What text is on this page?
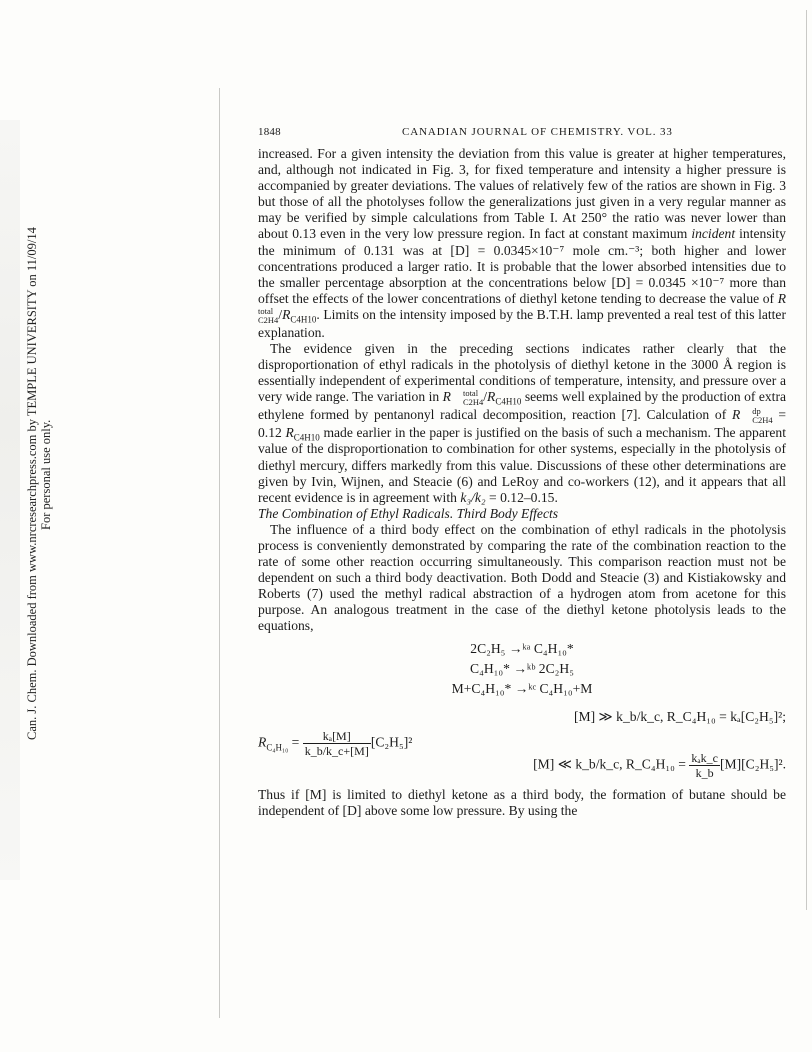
Can. J. Chem. Downloaded from www.nrcresearchpress.com by TEMPLE UNIVERSITY on 11/09/14 For personal use only.
1848	CANADIAN JOURNAL OF CHEMISTRY. VOL. 33

increased. For a given intensity the deviation from this value is greater at higher temperatures, and, although not indicated in Fig. 3, for fixed temperature and intensity a higher pressure is accompanied by greater deviations. The values of relatively few of the ratios are shown in Fig. 3 but those of all the photolyses follow the generalizations just given in a very regular manner as may be verified by simple calculations from Table I. At 250° the ratio was never lower than about 0.13 even in the very low pressure region. In fact at constant maximum incident intensity the minimum of 0.131 was at [D] = 0.0345×10⁻⁷ mole cm.⁻³; both higher and lower concentrations produced a larger ratio. It is probable that the lower absorbed intensities due to the smaller percentage absorption at the concentrations below [D] = 0.0345 ×10⁻⁷ more than offset the effects of the lower concentrations of diethyl ketone tending to decrease the value of R
total
C2H4 $/R_{C4H10}$. Limits on the intensity imposed by the B.T.H. lamp prevented a real test of this latter explanation.

The evidence given in the preceding sections indicates rather clearly that the disproportionation of ethyl radicals in the photolysis of diethyl ketone in the 3000 Å region is essentially independent of experimental conditions of temperature, intensity, and pressure over a very wide range. The variation in R	total
C2H4 $/R_{C4H10}$ seems well explained by the production of extra ethylene formed by pentanonyl radical decomposition, reaction [7]. Calculation of R	dp
C2H4 = 0.12 $R_{C4H10}$ made earlier in the paper is justified on the basis of such a mechanism. The apparent value of the disproportionation to combination for other systems, especially in the photolysis of diethyl mercury, differs markedly from this value. Discussions of these other determinations are given by Ivin, Wijnen, and Steacie (6) and LeRoy and co-workers (12), and it appears that all recent evidence is in agreement with k₃/k₂ = 0.12–0.15.

The Combination of Ethyl Radicals. Third Body Effects

The influence of a third body effect on the combination of ethyl radicals in the photolysis process is conveniently demonstrated by comparing the rate of the combination reaction to the rate of some other reaction occurring simultaneously. This comparison reaction must not be dependent on such a third body deactivation. Both Dodd and Steacie (3) and Kistiakowsky and Roberts (7) used the methyl radical abstraction of a hydrogen atom from acetone for this purpose. An analogous treatment in the case of the diethyl ketone photolysis leads to the equations,

2C₂H₅ →ᵏᵃ C₄H₁₀*
C₄H₁₀* →ᵏᵇ 2C₂H₅
M+C₄H₁₀* →ᵏᶜ C₄H₁₀+M
$R_{C_4H_{10}} = \frac{\text{kₐ[M]}}{k\_b/k\_c+[M]} [C_2H_5]^2$
[M] ≫ k_b/k_c, R_C₄H₁₀ = kₐ[C₂H₅]²;
[M] ≪ k_b/k_c, R_C₄H₁₀ = $\frac{\text{kₐk\_c}}{k\_b} [M][C_2H_5]^2$.

Thus if [M] is limited to diethyl ketone as a third body, the formation of butane should be independent of [D] above some low pressure. By using the
